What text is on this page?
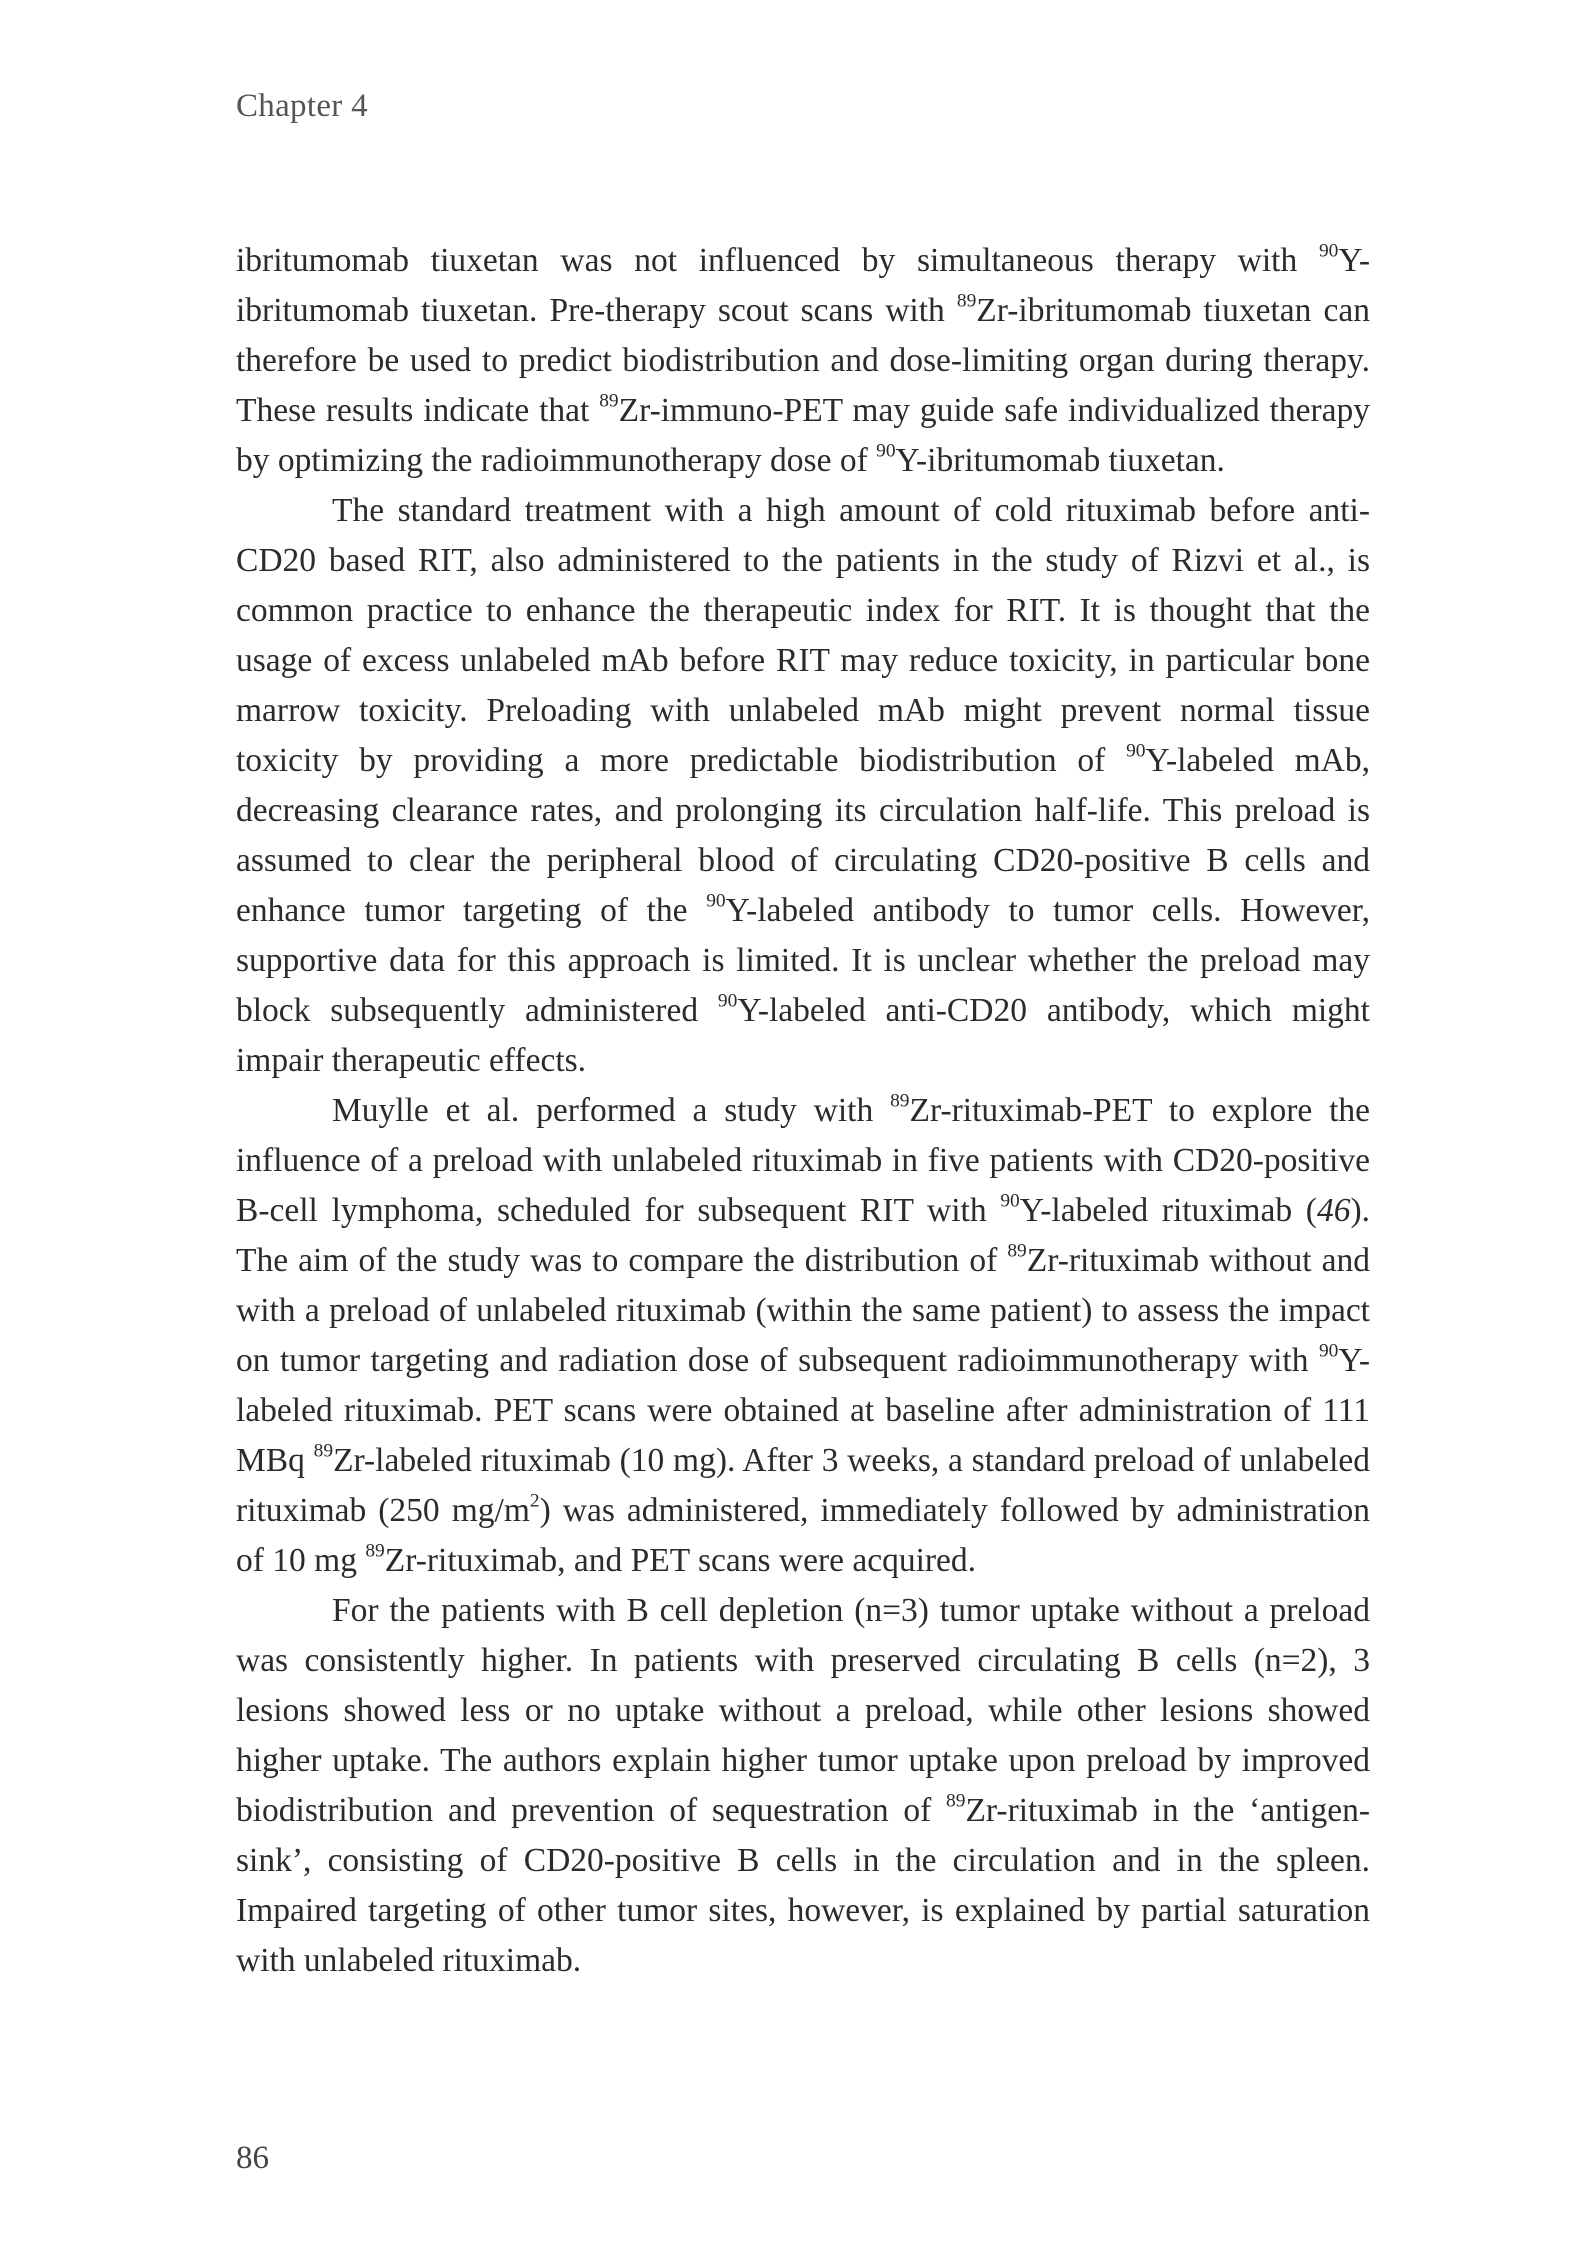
Chapter 4

ibritumomab tiuxetan was not influenced by simultaneous therapy with $^{90}$Y-ibritumomab tiuxetan. Pre-therapy scout scans with $^{89}$Zr-ibritumomab tiuxetan can therefore be used to predict biodistribution and dose-limiting organ during therapy. These results indicate that $^{89}$Zr-immuno-PET may guide safe individualized therapy by optimizing the radioimmunotherapy dose of $^{90}$Y-ibritumomab tiuxetan.

The standard treatment with a high amount of cold rituximab before anti-CD20 based RIT, also administered to the patients in the study of Rizvi et al., is common practice to enhance the therapeutic index for RIT. It is thought that the usage of excess unlabeled mAb before RIT may reduce toxicity, in particular bone marrow toxicity. Preloading with unlabeled mAb might prevent normal tissue toxicity by providing a more predictable biodistribution of $^{90}$Y-labeled mAb, decreasing clearance rates, and prolonging its circulation half-life. This preload is assumed to clear the peripheral blood of circulating CD20-positive B cells and enhance tumor targeting of the $^{90}$Y-labeled antibody to tumor cells. However, supportive data for this approach is limited. It is unclear whether the preload may block subsequently administered $^{90}$Y-labeled anti-CD20 antibody, which might impair therapeutic effects.

Muylle et al. performed a study with $^{89}$Zr-rituximab-PET to explore the influence of a preload with unlabeled rituximab in five patients with CD20-positive B-cell lymphoma, scheduled for subsequent RIT with $^{90}$Y-labeled rituximab (46). The aim of the study was to compare the distribution of $^{89}$Zr-rituximab without and with a preload of unlabeled rituximab (within the same patient) to assess the impact on tumor targeting and radiation dose of subsequent radioimmunotherapy with $^{90}$Y-labeled rituximab. PET scans were obtained at baseline after administration of 111 MBq $^{89}$Zr-labeled rituximab (10 mg). After 3 weeks, a standard preload of unlabeled rituximab (250 $mg/m^2$) was administered, immediately followed by administration of 10 mg $^{89}$Zr-rituximab, and PET scans were acquired.

For the patients with B cell depletion (n=3) tumor uptake without a preload was consistently higher. In patients with preserved circulating B cells (n=2), 3 lesions showed less or no uptake without a preload, while other lesions showed higher uptake. The authors explain higher tumor uptake upon preload by improved biodistribution and prevention of sequestration of $^{89}$Zr-rituximab in the ‘antigen-sink’, consisting of CD20-positive B cells in the circulation and in the spleen. Impaired targeting of other tumor sites, however, is explained by partial saturation with unlabeled rituximab.

86
